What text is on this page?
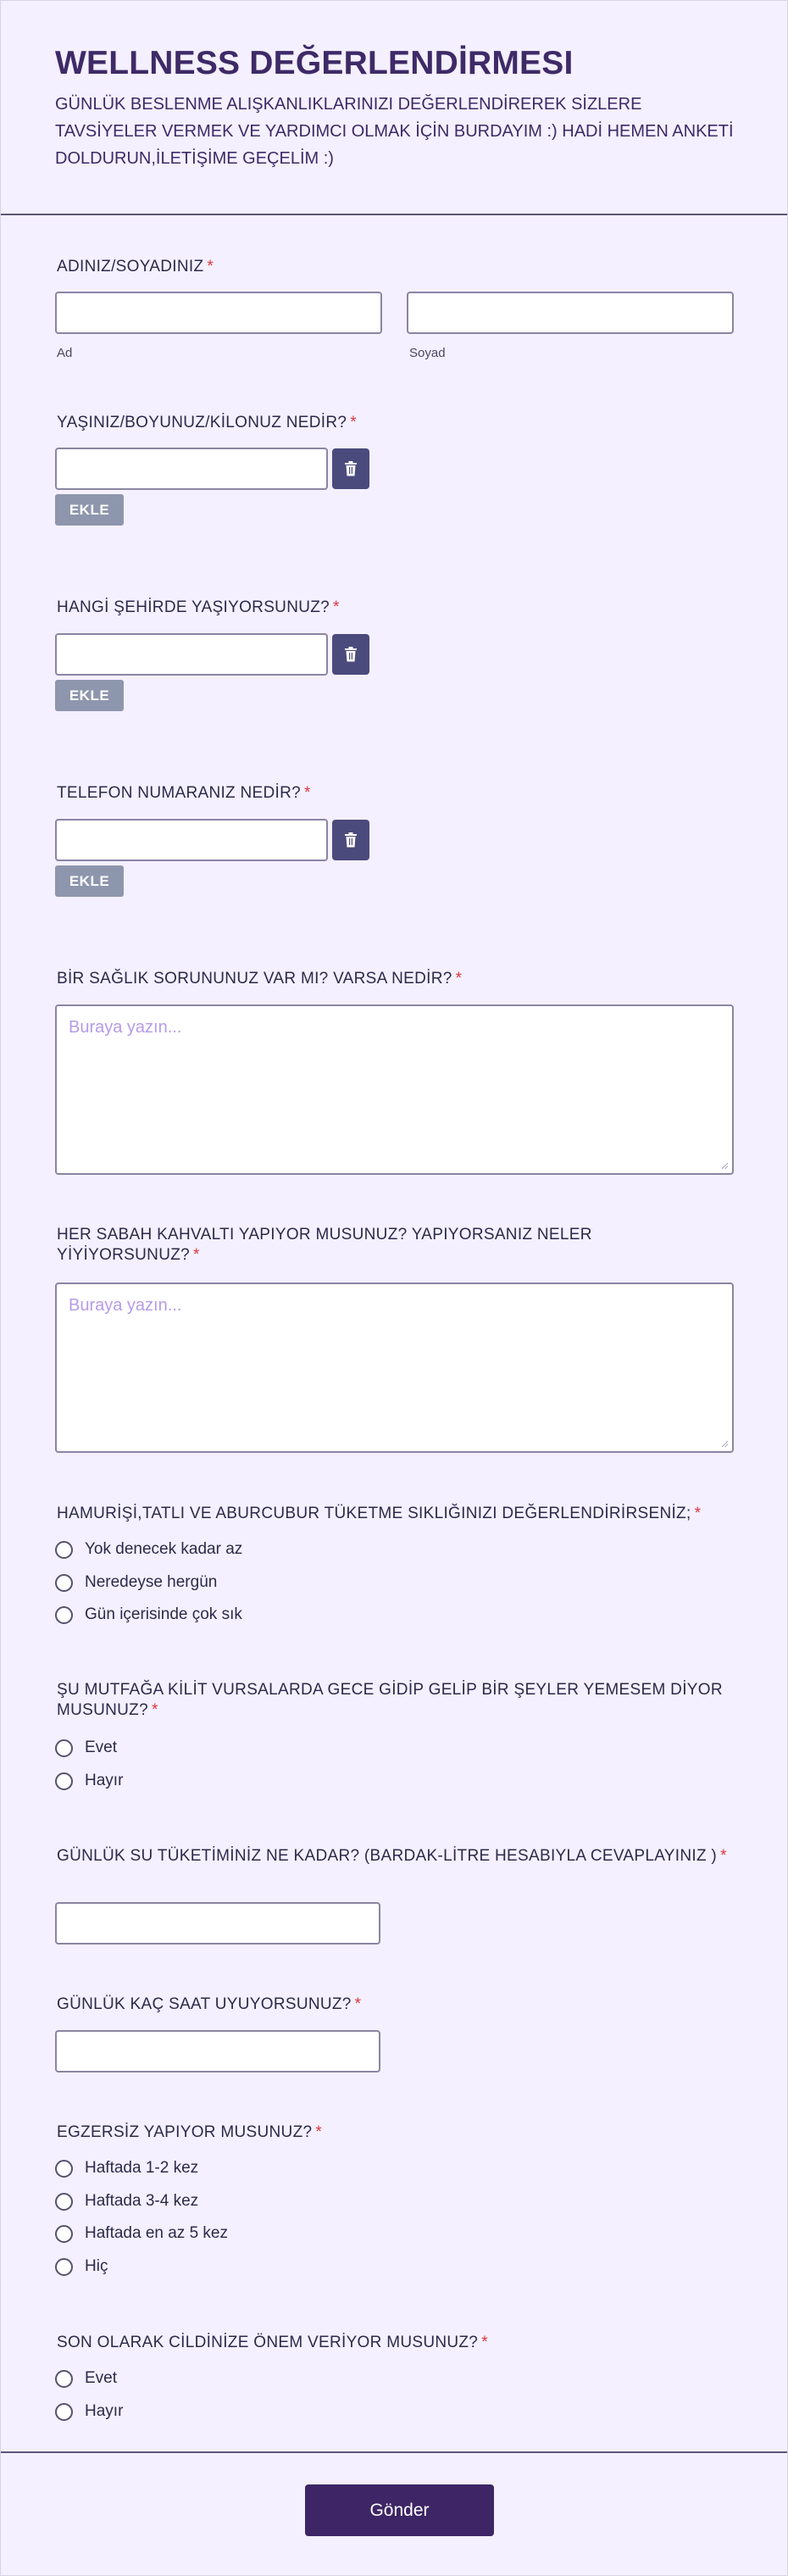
WELLNESS DEĞERLENDİRMESI
GÜNLÜK BESLENME ALIŞKANLIKLARINIZI DEĞERLENDİREREK SİZLERE TAVSİYELER VERMEK VE YARDIMCI OLMAK İÇİN BURDAYIM :) HADİ HEMEN ANKETİ DOLDURUN,İLETİŞİME GEÇELİM :)
ADINIZ/SOYADINIZ *
Ad	Soyad
YAŞINIZ/BOYUNUZ/KİLONUZ NEDİR? *
EKLE
HANGİ ŞEHİRDE YAŞIYORSUNUZ? *
EKLE
TELEFON NUMARANIZ NEDİR? *
EKLE
BİR SAĞLIK SORUNUNUZ VAR MI? VARSA NEDİR? *
Buraya yazın...
HER SABAH KAHVALTI YAPIYOR MUSUNUZ? YAPIYORSANIZ NELER YİYİYORSUNUZ? *
Buraya yazın...
HAMURİŞİ,TATLI VE ABURCUBUR TÜKETME SIKLIĞINIZI DEĞERLENDİRİRSENİZ; *
Yok denecek kadar az
Neredeyse hergün
Gün içerisinde çok sık
ŞU MUTFAĞA KİLİT VURSALARDA GECE GİDİP GELİP BİR ŞEYLER YEMESEM DİYOR MUSUNUZ? *
Evet
Hayır
GÜNLÜK SU TÜKETİMİNİZ NE KADAR? (BARDAK-LİTRE HESABIYLA CEVAPLAYINIZ ) *
GÜNLÜK KAÇ SAAT UYUYORSUNUZ? *
EGZERSİZ YAPIYOR MUSUNUZ? *
Haftada 1-2 kez
Haftada 3-4 kez
Haftada en az 5 kez
Hiç
SON OLARAK CİLDİNİZE ÖNEM VERİYOR MUSUNUZ? *
Evet
Hayır
Gönder
